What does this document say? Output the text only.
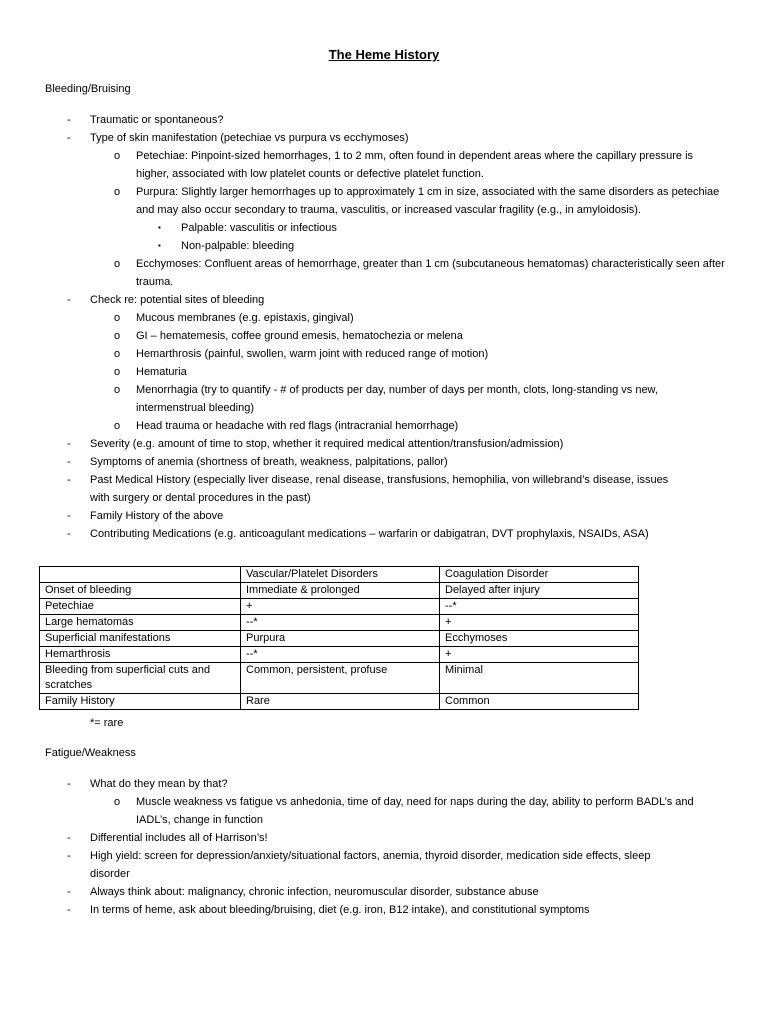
The Heme History
Bleeding/Bruising
- Traumatic or spontaneous?
- Type of skin manifestation (petechiae vs purpura vs ecchymoses)
o Petechiae: Pinpoint-sized hemorrhages, 1 to 2 mm, often found in dependent areas where the capillary pressure is higher, associated with low platelet counts or defective platelet function.
o Purpura: Slightly larger hemorrhages up to approximately 1 cm in size, associated with the same disorders as petechiae and may also occur secondary to trauma, vasculitis, or increased vascular fragility (e.g., in amyloidosis).
▪ Palpable: vasculitis or infectious
▪ Non-palpable: bleeding
o Ecchymoses: Confluent areas of hemorrhage, greater than 1 cm (subcutaneous hematomas) characteristically seen after trauma.
- Check re: potential sites of bleeding
o Mucous membranes (e.g. epistaxis, gingival)
o GI – hematemesis, coffee ground emesis, hematochezia or melena
o Hemarthrosis (painful, swollen, warm joint with reduced range of motion)
o Hematuria
o Menorrhagia (try to quantify - # of products per day, number of days per month, clots, long-standing vs new, intermenstrual bleeding)
o Head trauma or headache with red flags (intracranial hemorrhage)
- Severity (e.g. amount of time to stop, whether it required medical attention/transfusion/admission)
- Symptoms of anemia (shortness of breath, weakness, palpitations, pallor)
- Past Medical History (especially liver disease, renal disease, transfusions, hemophilia, von willebrand’s disease, issues with surgery or dental procedures in the past)
- Family History of the above
- Contributing Medications (e.g. anticoagulant medications – warfarin or dabigatran, DVT prophylaxis, NSAIDs, ASA)
	Vascular/Platelet Disorders	Coagulation Disorder
Onset of bleeding	Immediate & prolonged	Delayed after injury
Petechiae	+	--*
Large hematomas	--*	+
Superficial manifestations	Purpura	Ecchymoses
Hemarthrosis	--*	+
Bleeding from superficial cuts and scratches	Common, persistent, profuse	Minimal
Family History	Rare	Common
*= rare
Fatigue/Weakness
- What do they mean by that?
o Muscle weakness vs fatigue vs anhedonia, time of day, need for naps during the day, ability to perform BADL’s and IADL’s, change in function
- Differential includes all of Harrison’s!
- High yield: screen for depression/anxiety/situational factors, anemia, thyroid disorder, medication side effects, sleep disorder
- Always think about: malignancy, chronic infection, neuromuscular disorder, substance abuse
- In terms of heme, ask about bleeding/bruising, diet (e.g. iron, B12 intake), and constitutional symptoms
